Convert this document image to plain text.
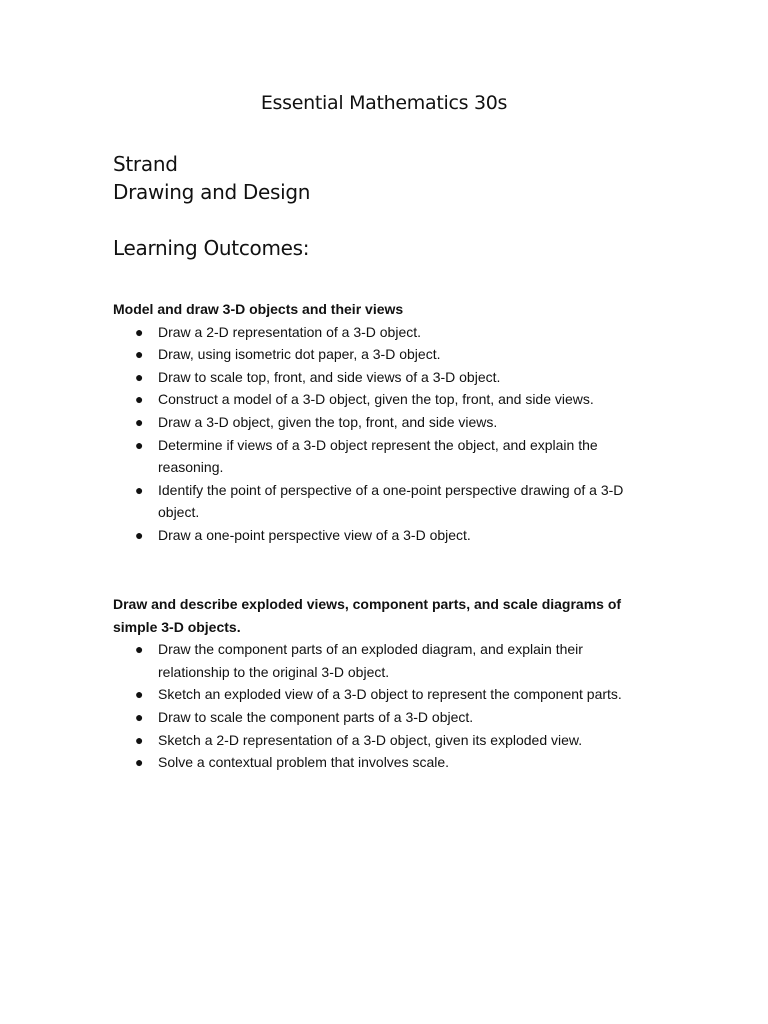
Essential Mathematics 30s
Strand
Drawing and Design
Learning Outcomes:

Model and draw 3-D objects and their views

● Draw a 2-D representation of a 3-D object.
● Draw, using isometric dot paper, a 3-D object.
● Draw to scale top, front, and side views of a 3-D object.
● Construct a model of a 3-D object, given the top, front, and side views.
● Draw a 3-D object, given the top, front, and side views.
● Determine if views of a 3-D object represent the object, and explain the reasoning.
● Identify the point of perspective of a one-point perspective drawing of a 3-D object.
● Draw a one-point perspective view of a 3-D object.

Draw and describe exploded views, component parts, and scale diagrams of simple 3-D objects.

● Draw the component parts of an exploded diagram, and explain their relationship to the original 3-D object.
● Sketch an exploded view of a 3-D object to represent the component parts.
● Draw to scale the component parts of a 3-D object.
● Sketch a 2-D representation of a 3-D object, given its exploded view.
● Solve a contextual problem that involves scale.
